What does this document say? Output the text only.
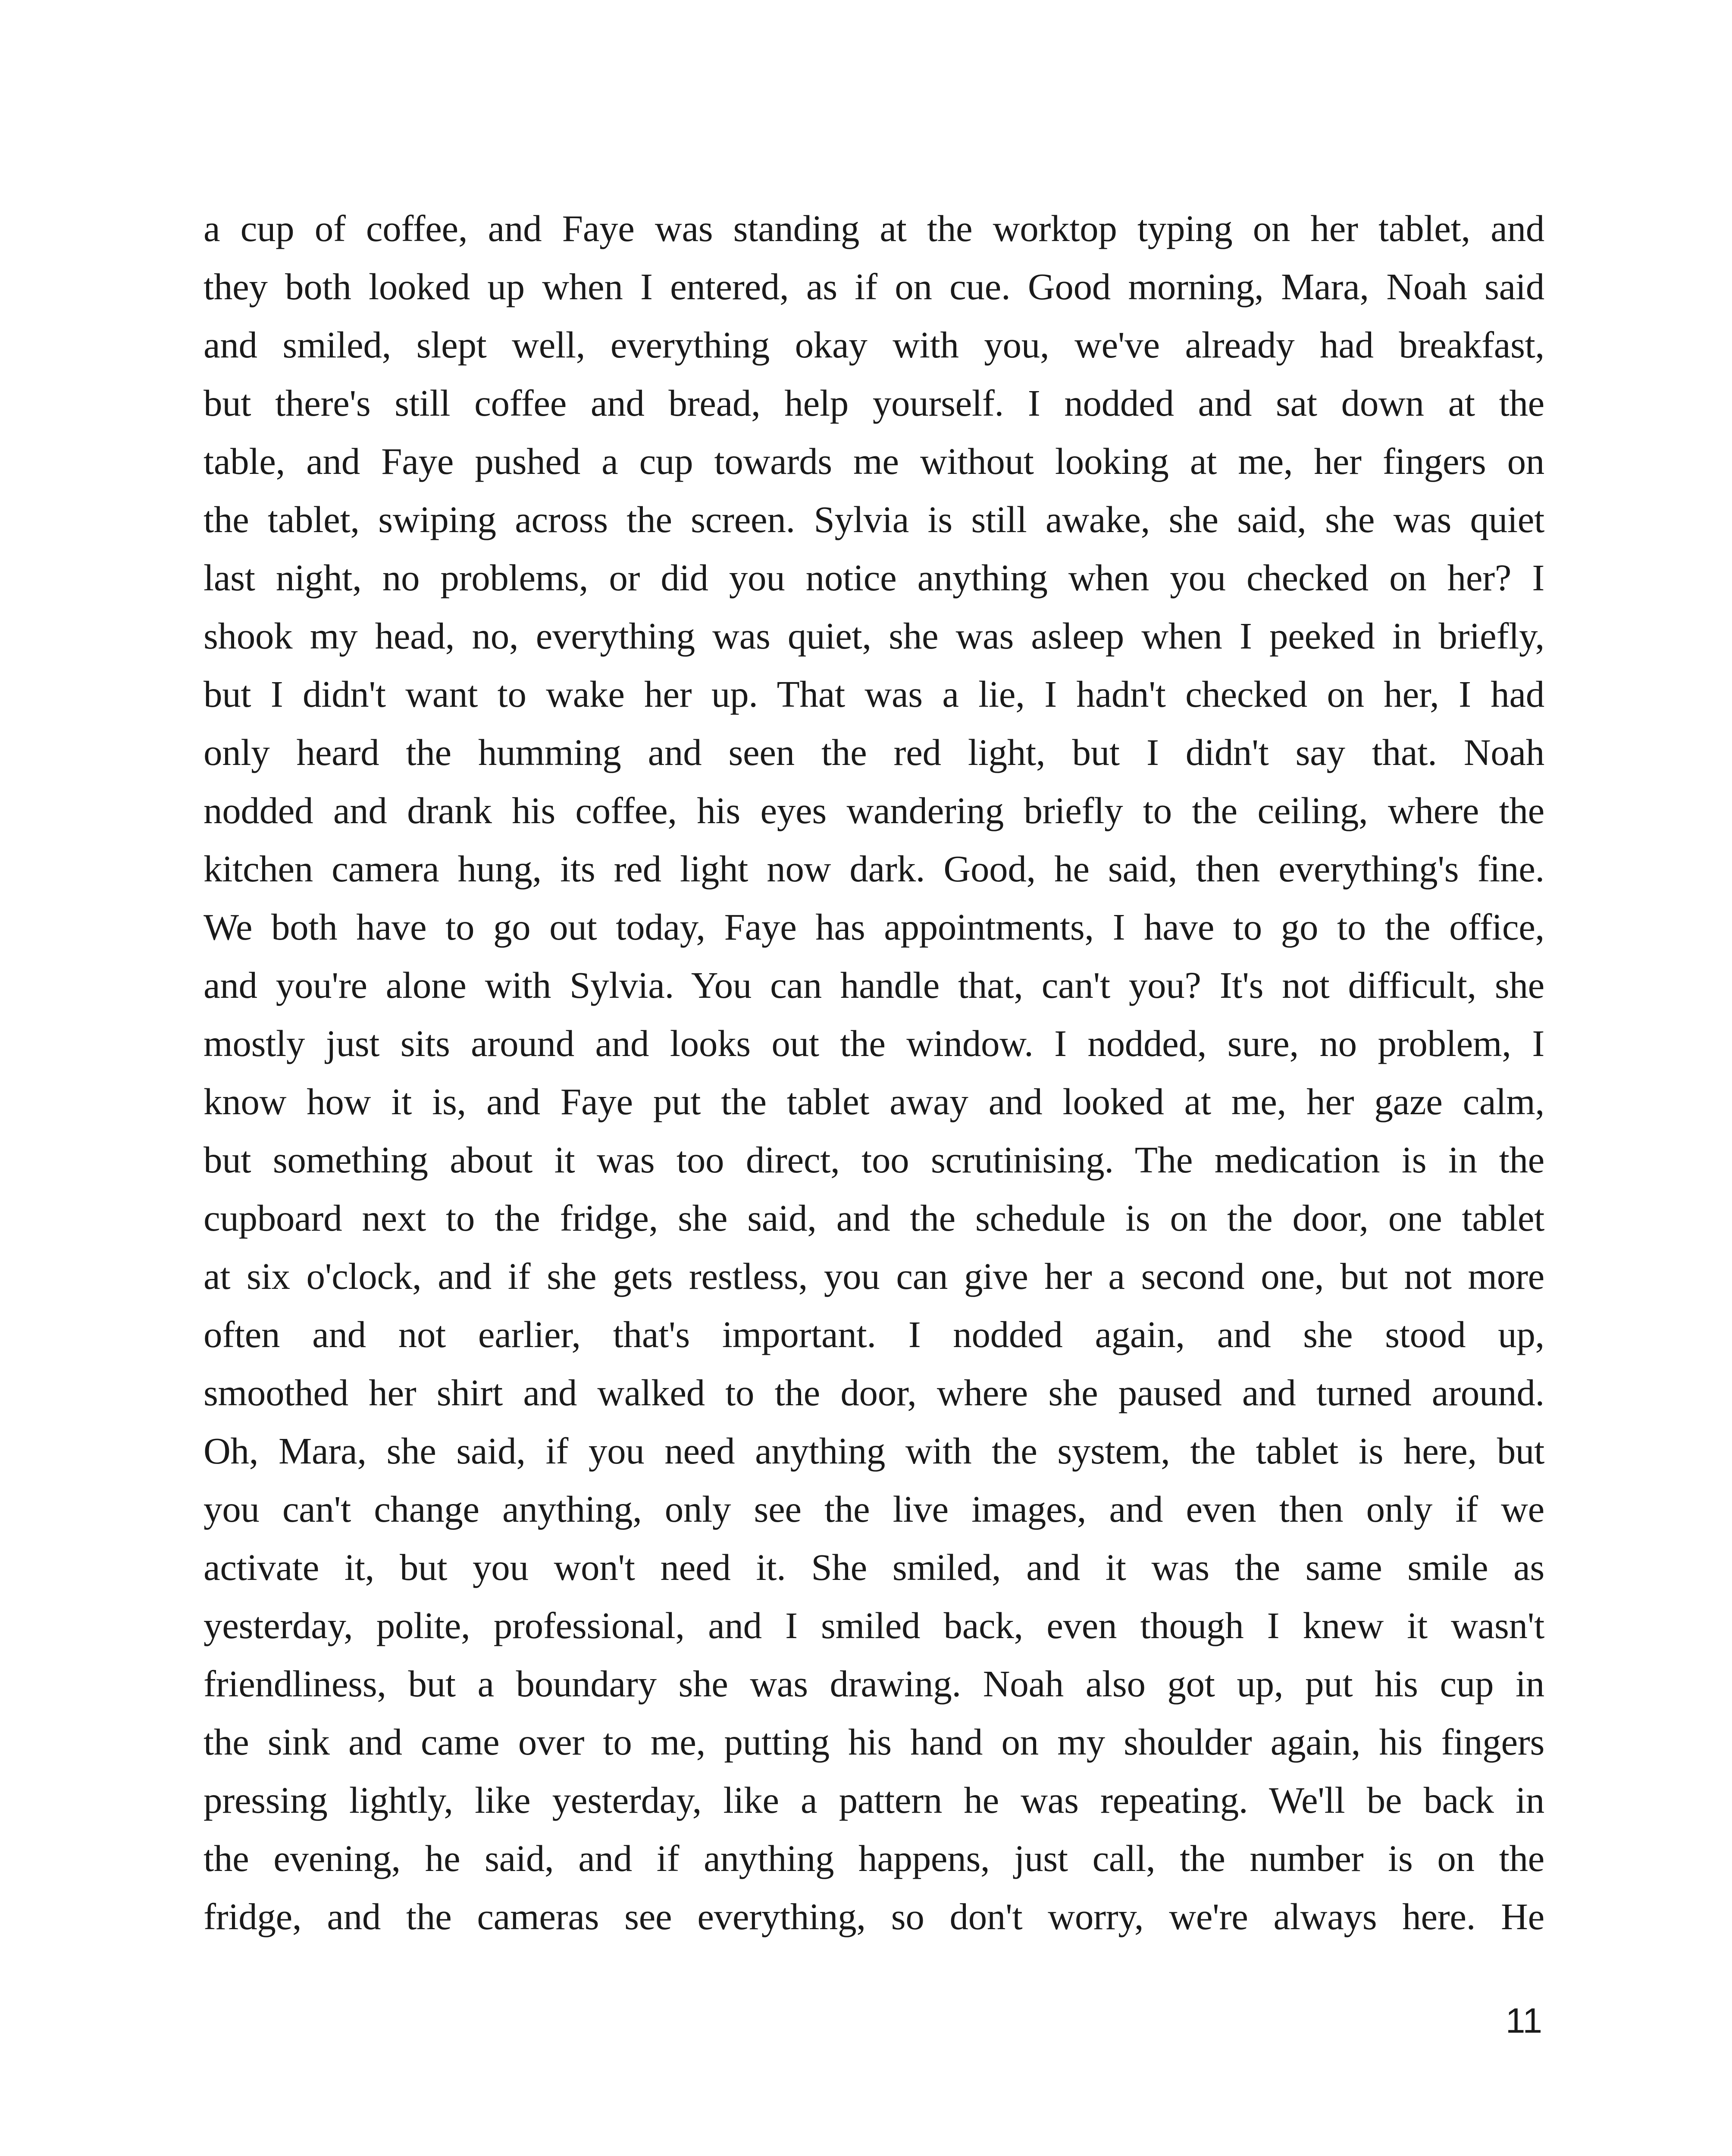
a cup of coffee, and Faye was standing at the worktop typing on her tablet, and
they both looked up when I entered, as if on cue. Good morning, Mara, Noah said
and smiled, slept well, everything okay with you, we've already had breakfast,
but there's still coffee and bread, help yourself. I nodded and sat down at the
table, and Faye pushed a cup towards me without looking at me, her fingers on
the tablet, swiping across the screen. Sylvia is still awake, she said, she was quiet
last night, no problems, or did you notice anything when you checked on her? I
shook my head, no, everything was quiet, she was asleep when I peeked in briefly,
but I didn't want to wake her up. That was a lie, I hadn't checked on her, I had
only heard the humming and seen the red light, but I didn't say that. Noah
nodded and drank his coffee, his eyes wandering briefly to the ceiling, where the
kitchen camera hung, its red light now dark. Good, he said, then everything's fine.
We both have to go out today, Faye has appointments, I have to go to the office,
and you're alone with Sylvia. You can handle that, can't you? It's not difficult, she
mostly just sits around and looks out the window. I nodded, sure, no problem, I
know how it is, and Faye put the tablet away and looked at me, her gaze calm,
but something about it was too direct, too scrutinising. The medication is in the
cupboard next to the fridge, she said, and the schedule is on the door, one tablet
at six o'clock, and if she gets restless, you can give her a second one, but not more
often and not earlier, that's important. I nodded again, and she stood up,
smoothed her shirt and walked to the door, where she paused and turned around.
Oh, Mara, she said, if you need anything with the system, the tablet is here, but
you can't change anything, only see the live images, and even then only if we
activate it, but you won't need it. She smiled, and it was the same smile as
yesterday, polite, professional, and I smiled back, even though I knew it wasn't
friendliness, but a boundary she was drawing. Noah also got up, put his cup in
the sink and came over to me, putting his hand on my shoulder again, his fingers
pressing lightly, like yesterday, like a pattern he was repeating. We'll be back in
the evening, he said, and if anything happens, just call, the number is on the
fridge, and the cameras see everything, so don't worry, we're always here. He
11
